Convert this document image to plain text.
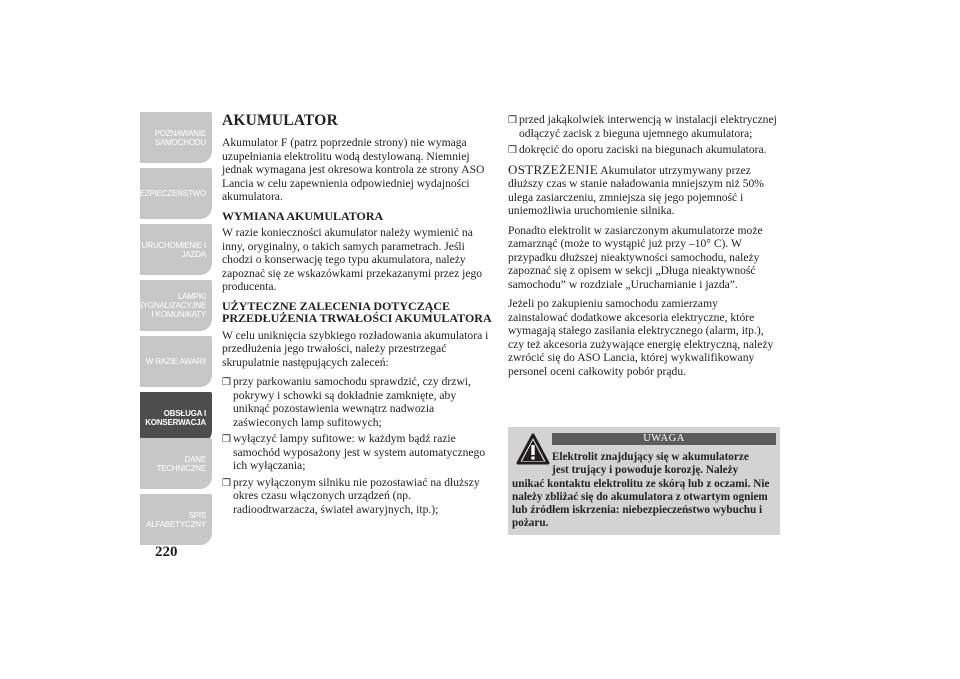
POZNAWANIE
SAMOCHODU
BEZPIECZEŃSTWO
URUCHOMIENIE I
JAZDA
LAMPKI
SYGNALIZACYJNE
I KOMUNIKATY
W RAZIE AWARII
OBSŁUGA I
KONSERWACJA
DANE
TECHNICZNE
SPIS
ALFABETYCZNY
220
AKUMULATOR

Akumulator F (patrz poprzednie strony) nie wymaga uzupełniania elektrolitu wodą destylowaną. Niemniej jednak wymagana jest okresowa kontrola ze strony ASO Lancia w celu zapewnienia odpowiedniej wydajności akumulatora.

WYMIANA AKUMULATORA

W razie konieczności akumulator należy wymienić na inny, oryginalny, o takich samych parametrach. Jeśli chodzi o konserwację tego typu akumulatora, należy zapoznać się ze wskazówkami przekazanymi przez jego producenta.

UŻYTECZNE ZALECENIA DOTYCZĄCE PRZEDŁUŻENIA TRWAŁOŚCI AKUMULATORA

W celu uniknięcia szybkiego rozładowania akumulatora i przedłużenia jego trwałości, należy przestrzegać skrupulatnie następujących zaleceń:

❒ przy parkowaniu samochodu sprawdzić, czy drzwi, pokrywy i schowki są dokładnie zamknięte, aby uniknąć pozostawienia wewnątrz nadwozia zaświeconych lamp sufitowych;
❒ wyłączyć lampy sufitowe: w każdym bądź razie samochód wyposażony jest w system automatycznego ich wyłączania;
❒ przy wyłączonym silniku nie pozostawiać na dłuższy okres czasu włączonych urządzeń (np. radioodtwarzacza, świateł awaryjnych, itp.);
❒ przed jakąkolwiek interwencją w instalacji elektrycznej odłączyć zacisk z bieguna ujemnego akumulatora;
❒ dokręcić do oporu zaciski na biegunach akumulatora.

OSTRZEŻENIE Akumulator utrzymywany przez dłuższy czas w stanie naładowania mniejszym niż 50% ulega zasiarczeniu, zmniejsza się jego pojemność i uniemożliwia uruchomienie silnika.

Ponadto elektrolit w zasiarczonym akumulatorze może zamarznąć (może to wystąpić już przy –10° C). W przypadku dłuższej nieaktywności samochodu, należy zapoznać się z opisem w sekcji „Długa nieaktywność samochodu” w rozdziale „Uruchamianie i jazda”.

Jeżeli po zakupieniu samochodu zamierzamy zainstalować dodatkowe akcesoria elektryczne, które wymagają stałego zasilania elektrycznego (alarm, itp.), czy też akcesoria zużywające energię elektryczną, należy zwrócić się do ASO Lancia, której wykwalifikowany personel oceni całkowity pobór prądu.

UWAGA
Elektrolit znajdujący się w akumulatorze
jest trujący i powoduje korozję. Należy
unikać kontaktu elektrolitu ze skórą lub z oczami. Nie należy zbliżać się do akumulatora z otwartym ogniem lub źródłem iskrzenia: niebezpieczeństwo wybuchu i pożaru.
